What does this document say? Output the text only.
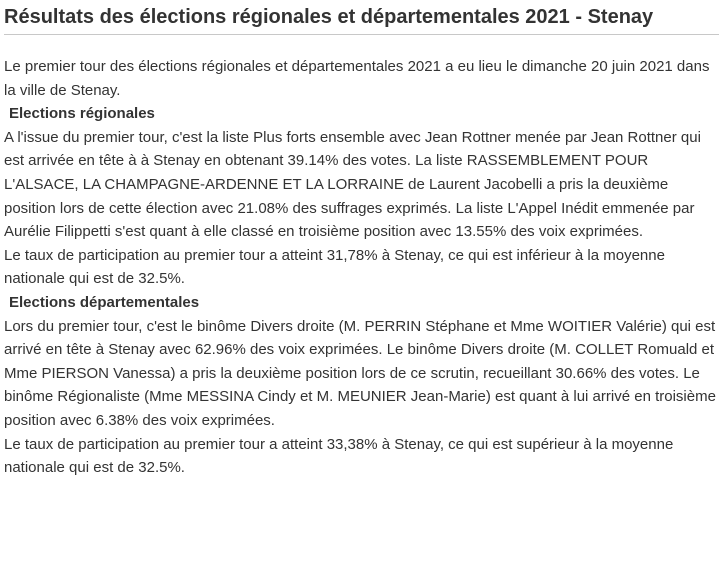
Résultats des élections régionales et départementales 2021 - Stenay

Le premier tour des élections régionales et départementales 2021 a eu lieu le dimanche 20 juin 2021 dans la ville de Stenay.

Elections régionales

A l'issue du premier tour, c'est la liste Plus forts ensemble avec Jean Rottner menée par Jean Rottner qui est arrivée en tête à à Stenay en obtenant 39.14% des votes. La liste RASSEMBLEMENT POUR L'ALSACE, LA CHAMPAGNE-ARDENNE ET LA LORRAINE de Laurent Jacobelli a pris la deuxième position lors de cette élection avec 21.08% des suffrages exprimés. La liste L'Appel Inédit emmenée par Aurélie Filippetti s'est quant à elle classé en troisième position avec 13.55% des voix exprimées.

Le taux de participation au premier tour a atteint 31,78% à Stenay, ce qui est inférieur à la moyenne nationale qui est de 32.5%.

Elections départementales

Lors du premier tour, c'est le binôme Divers droite (M. PERRIN Stéphane et Mme WOITIER Valérie) qui est arrivé en tête à Stenay avec 62.96% des voix exprimées. Le binôme Divers droite (M. COLLET Romuald et Mme PIERSON Vanessa) a pris la deuxième position lors de ce scrutin, recueillant 30.66% des votes. Le binôme Régionaliste (Mme MESSINA Cindy et M. MEUNIER Jean-Marie) est quant à lui arrivé en troisième position avec 6.38% des voix exprimées.

Le taux de participation au premier tour a atteint 33,38% à Stenay, ce qui est supérieur à la moyenne nationale qui est de 32.5%.
